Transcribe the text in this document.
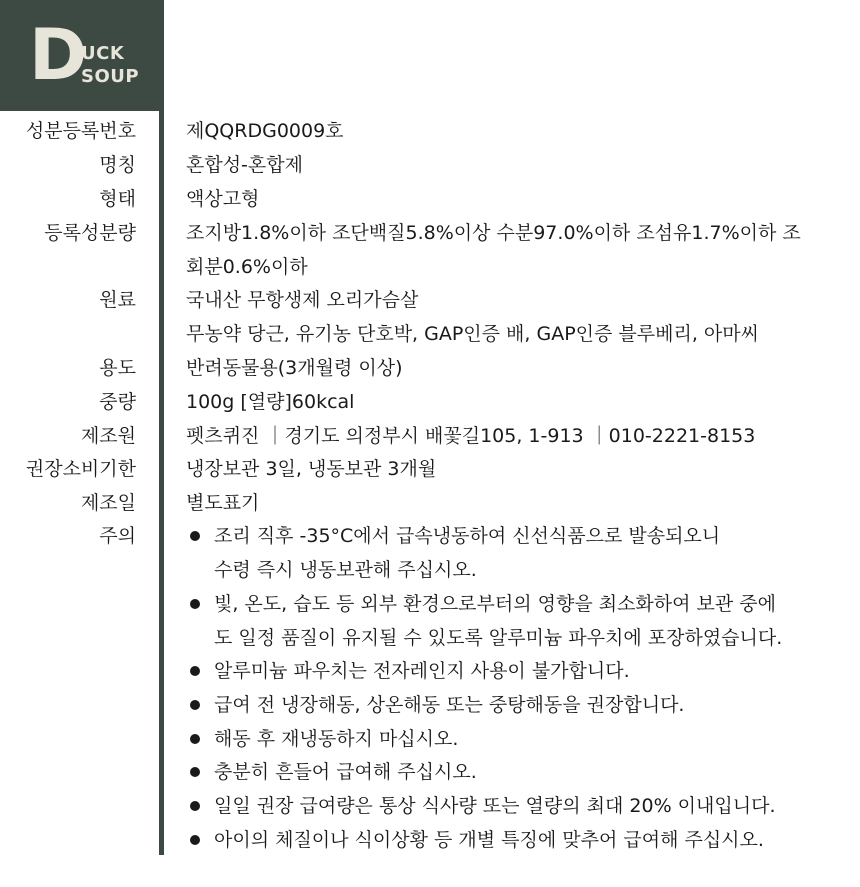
D
UCK
SOUP
성분등록번호	제QQRDG0009호
명칭	혼합성-혼합제
형태	액상고형
등록성분량	조지방1.8%이하 조단백질5.8%이상 수분97.0%이하 조섬유1.7%이하 조
회분0.6%이하
원료	국내산 무항생제 오리가슴살
무농약 당근, 유기농 단호박, GAP인증 배, GAP인증 블루베리, 아마씨
용도	반려동물용(3개월령 이상)
중량	100g [열량]60kcal
제조원	펫츠퀴진 ｜경기도 의정부시 배꽃길105, 1-913 ｜010-2221-8153
권장소비기한	냉장보관 3일, 냉동보관 3개월
제조일	별도표기
주의	조리 직후 -35°C에서 급속냉동하여 신선식품으로 발송되오니
수령 즉시 냉동보관해 주십시오.
빛, 온도, 습도 등 외부 환경으로부터의 영향을 최소화하여 보관 중에
도 일정 품질이 유지될 수 있도록 알루미늄 파우치에 포장하였습니다.
알루미늄 파우치는 전자레인지 사용이 불가합니다.
급여 전 냉장해동, 상온해동 또는 중탕해동을 권장합니다.
해동 후 재냉동하지 마십시오.
충분히 흔들어 급여해 주십시오.
일일 권장 급여량은 통상 식사량 또는 열량의 최대 20% 이내입니다.
아이의 체질이나 식이상황 등 개별 특징에 맞추어 급여해 주십시오.
